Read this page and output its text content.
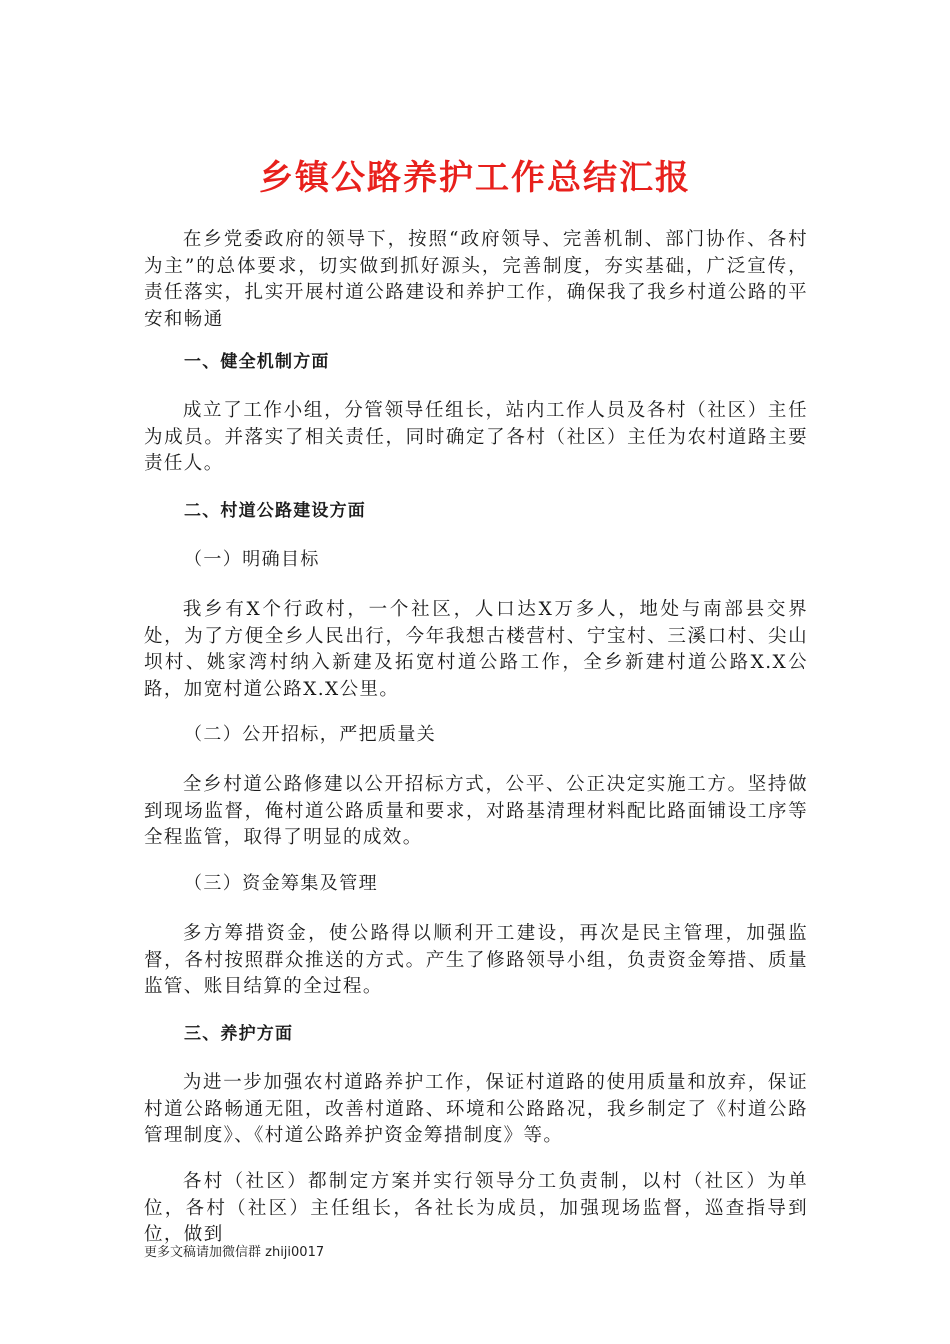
乡镇公路养护工作总结汇报

在乡党委政府的领导下，按照“政府领导、完善机制、部门协作、各村为主”的总体要求，切实做到抓好源头，完善制度，夯实基础，广泛宣传，责任落实，扎实开展村道公路建设和养护工作，确保我了我乡村道公路的平安和畅通

一、健全机制方面

成立了工作小组，分管领导任组长，站内工作人员及各村（社区）主任为成员。并落实了相关责任，同时确定了各村（社区）主任为农村道路主要责任人。

二、村道公路建设方面

（一）明确目标

我乡有X个行政村，一个社区，人口达X万多人，地处与南部县交界处，为了方便全乡人民出行，今年我想古楼营村、宁宝村、三溪口村、尖山坝村、姚家湾村纳入新建及拓宽村道公路工作，全乡新建村道公路X.X公路，加宽村道公路X.X公里。

（二）公开招标，严把质量关

全乡村道公路修建以公开招标方式，公平、公正决定实施工方。坚持做到现场监督，俺村道公路质量和要求，对路基清理材料配比路面铺设工序等全程监管，取得了明显的成效。

（三）资金筹集及管理

多方筹措资金，使公路得以顺利开工建设，再次是民主管理，加强监督，各村按照群众推送的方式。产生了修路领导小组，负责资金筹措、质量监管、账目结算的全过程。

三、养护方面

为进一步加强农村道路养护工作，保证村道路的使用质量和放弃，保证村道公路畅通无阻，改善村道路、环境和公路路况，我乡制定了《村道公路管理制度》、《村道公路养护资金筹措制度》等。

各村（社区）都制定方案并实行领导分工负责制，以村（社区）为单位，各村（社区）主任组长，各社长为成员，加强现场监督，巡查指导到位，做到

更多文稿请加微信群 zhiji0017
